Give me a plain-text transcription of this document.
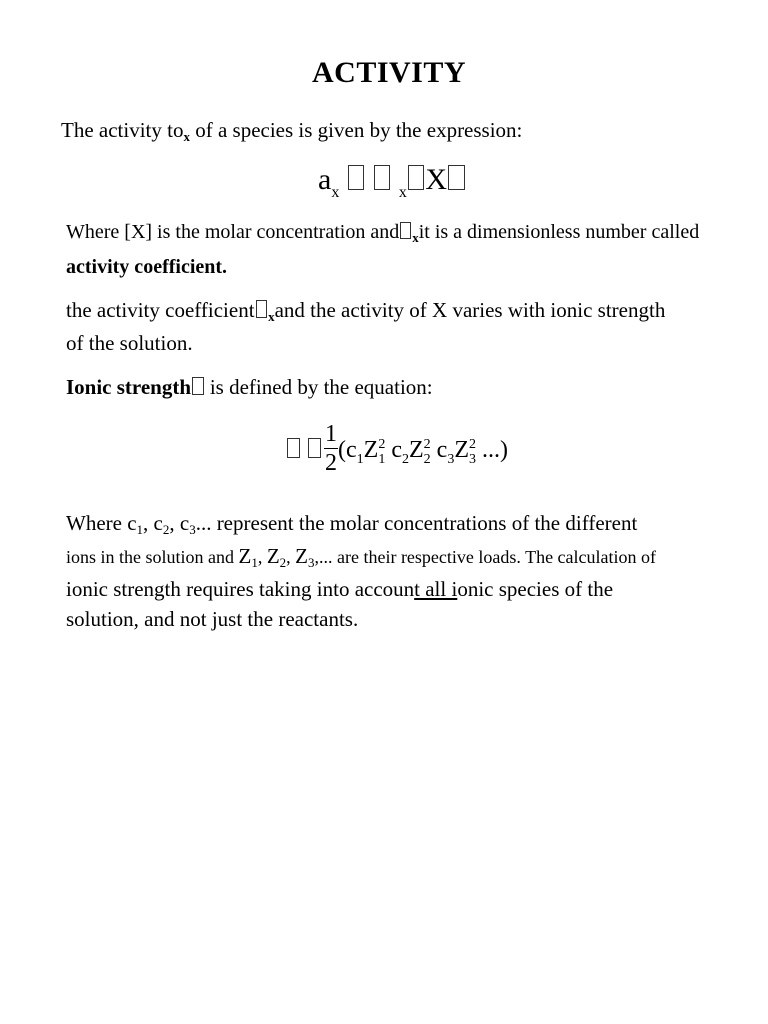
ACTIVITY
The activity tox of a species is given by the expression:
$a_x$	$_x$ X
Where [X] is the molar concentration and $_x$it is a dimensionless number called
activity coefficient.
the activity coefficient xand the activity of X varies with ionic strength
of the solution.
Ionic strength is defined by the equation:

1
2 ($c_1Z^2_1$ $c_2Z^2_2$ $c_3Z^2_3$ ...)
Where $c_1$, $c_2$, $c_3$... represent the molar concentrations of the different
ions in the solution and $Z_1$, $Z_2$, $Z_3$,... are their respective loads. The calculation of
ionic strength requires taking into account all ionic species of the
solution, and not just the reactants.
